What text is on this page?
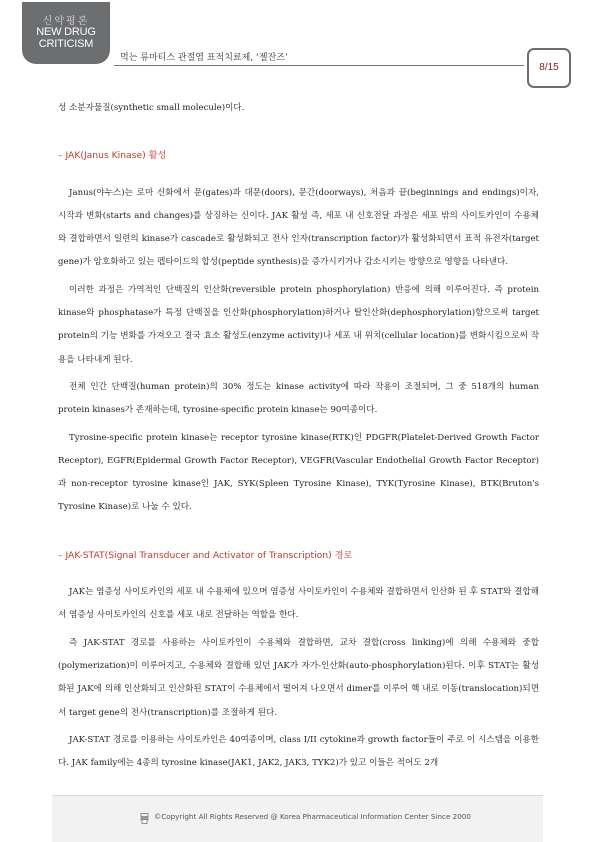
신약평론
NEW DRUG
CRITICISM
먹는 류마티스 관절염 표적치료제, ‘젤잔즈’
8/15

성 소분자물질(synthetic small molecule)이다.

– JAK(Janus Kinase) 활성

Janus(야누스)는 로마 신화에서 문(gates)과 대문(doors), 문간(doorways), 처음과 끝(beginnings and endings)이자, 시작과 변화(starts and changes)를 상징하는 신이다. JAK 활성 즉, 세포 내 신호전달 과정은 세포 밖의 사이토카인이 수용체와 결합하면서 일련의 kinase가 cascade로 활성화되고 전사 인자(transcription factor)가 활성화되면서 표적 유전자(target gene)가 암호화하고 있는 펩타이드의 합성(peptide synthesis)을 증가시키거나 감소시키는 방향으로 영향을 나타낸다.

이러한 과정은 가역적인 단백질의 인산화(reversible protein phosphorylation) 반응에 의해 이루어진다. 즉 protein kinase와 phosphatase가 특정 단백질을 인산화(phosphorylation)하거나 탈인산화(dephosphorylation)함으로써 target protein의 기능 변화를 가져오고 결국 효소 활성도(enzyme activity)나 세포 내 위치(cellular location)를 변화시킴으로써 작용을 나타내게 된다.

전체 인간 단백질(human protein)의 30% 정도는 kinase activity에 따라 작용이 조절되며, 그 중 518개의 human protein kinases가 존재하는데, tyrosine-specific protein kinase는 90여종이다.

Tyrosine-specific protein kinase는 receptor tyrosine kinase(RTK)인 PDGFR(Platelet-Derived Growth Factor Receptor), EGFR(Epidermal Growth Factor Receptor), VEGFR(Vascular Endothelial Growth Factor Receptor)과 non-receptor tyrosine kinase인 JAK, SYK(Spleen Tyrosine Kinase), TYK(Tyrosine Kinase), BTK(Bruton's Tyrosine Kinase)로 나눌 수 있다.

– JAK-STAT(Signal Transducer and Activator of Transcription) 경로

JAK는 염증성 사이토카인의 세포 내 수용체에 있으며 염증성 사이토카인이 수용체와 결합하면서 인산화 된 후 STAT와 결합해서 염증성 사이토카인의 신호를 세포 내로 전달하는 역할을 한다.

즉 JAK-STAT 경로를 사용하는 사이토카인이 수용체와 결합하면, 교차 결합(cross linking)에 의해 수용체와 중합(polymerization)이 이루어지고, 수용체와 결합해 있던 JAK가 자가-인산화(auto-phosphorylation)된다. 이후 STAT는 활성화된 JAK에 의해 인산화되고 인산화된 STAT이 수용체에서 떨어져 나오면서 dimer를 이루어 핵 내로 이동(translocation)되면서 target gene의 전사(transcription)를 조절하게 된다.

JAK-STAT 경로를 이용하는 사이토카인은 40여종이며, class I/II cytokine과 growth factor들이 주로 이 시스템을 이용한다. JAK family에는 4종의 tyrosine kinase(JAK1, JAK2, JAK3, TYK2)가 있고 이들은 적어도 2개

©Copyright All Rights Reserved @ Korea Pharmaceutical Information Center Since 2000
